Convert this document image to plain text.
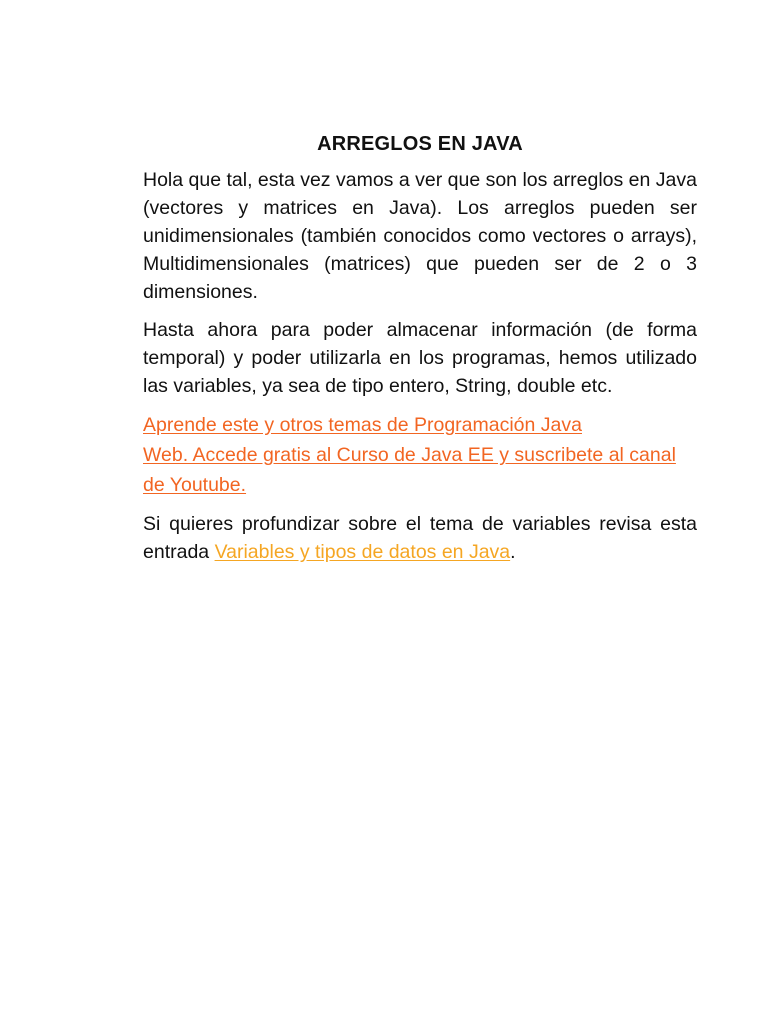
ARREGLOS EN JAVA

Hola que tal, esta vez vamos a ver que son los arreglos en Java (vectores y matrices en Java). Los arreglos pueden ser unidimensionales (también conocidos como vectores o arrays), Multidimensionales (matrices) que pueden ser de 2 o 3 dimensiones.

Hasta ahora para poder almacenar información (de forma temporal) y poder utilizarla en los programas, hemos utilizado las variables, ya sea de tipo entero, String, double etc.

Aprende este y otros temas de Programación Java
Web. Accede gratis al Curso de Java EE y suscribete al canal
de Youtube.

Si quieres profundizar sobre el tema de variables revisa esta entrada Variables y tipos de datos en Java.
